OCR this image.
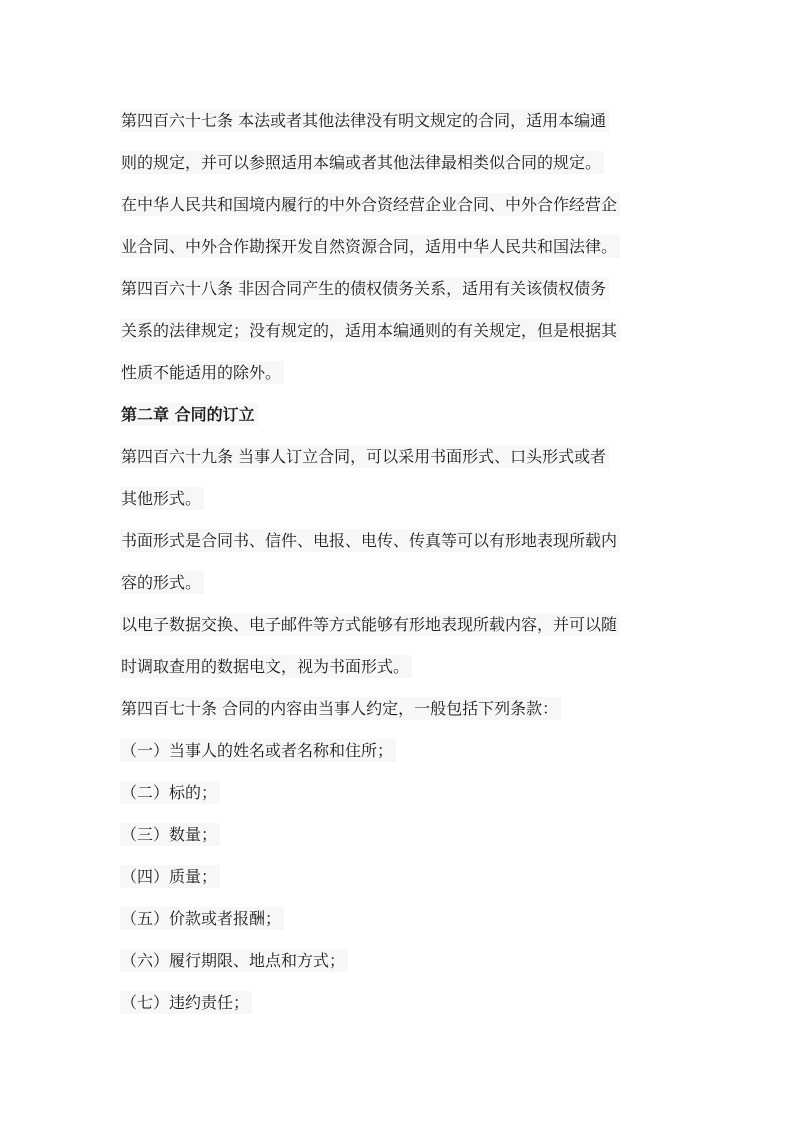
第四百六十七条 本法或者其他法律没有明文规定的合同，适用本编通
则的规定，并可以参照适用本编或者其他法律最相类似合同的规定。
在中华人民共和国境内履行的中外合资经营企业合同、中外合作经营企
业合同、中外合作勘探开发自然资源合同，适用中华人民共和国法律。
第四百六十八条 非因合同产生的债权债务关系，适用有关该债权债务
关系的法律规定；没有规定的，适用本编通则的有关规定，但是根据其
性质不能适用的除外。
第二章 合同的订立
第四百六十九条 当事人订立合同，可以采用书面形式、口头形式或者
其他形式。
书面形式是合同书、信件、电报、电传、传真等可以有形地表现所载内
容的形式。
以电子数据交换、电子邮件等方式能够有形地表现所载内容，并可以随
时调取查用的数据电文，视为书面形式。
第四百七十条 合同的内容由当事人约定，一般包括下列条款：
（一）当事人的姓名或者名称和住所；
（二）标的；
（三）数量；
（四）质量；
（五）价款或者报酬；
（六）履行期限、地点和方式；
（七）违约责任；
